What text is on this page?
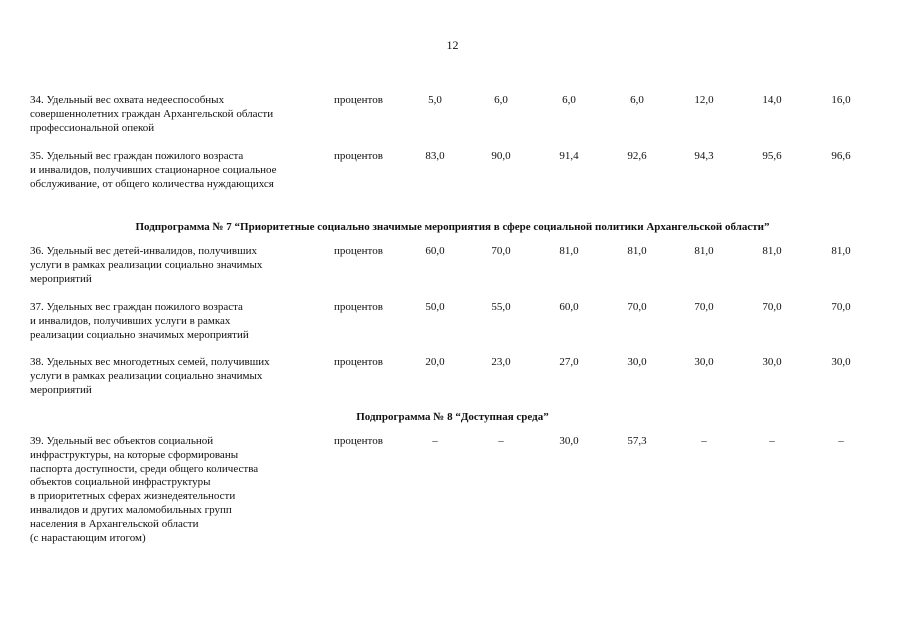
12
34. Удельный вес охвата недееспособных
совершеннолетних граждан Архангельской области
профессиональной опекой
процентов	5,0	6,0	6,0	6,0	12,0	14,0	16,0
35. Удельный вес граждан пожилого возраста
и инвалидов, получивших стационарное социальное
обслуживание, от общего количества нуждающихся
процентов	83,0	90,0	91,4	92,6	94,3	95,6	96,6
Подпрограмма № 7 “Приоритетные социально значимые мероприятия в сфере социальной политики Архангельской области”
36. Удельный вес детей-инвалидов, получивших
услуги в рамках реализации социально значимых
мероприятий
процентов	60,0	70,0	81,0	81,0	81,0	81,0	81,0
37. Удельных вес граждан пожилого возраста
и инвалидов, получивших услуги в рамках
реализации социально значимых мероприятий
процентов	50,0	55,0	60,0	70,0	70,0	70,0	70,0
38. Удельных вес многодетных семей, получивших
услуги в рамках реализации социально значимых
мероприятий
процентов	20,0	23,0	27,0	30,0	30,0	30,0	30,0
Подпрограмма № 8 “Доступная среда”
39. Удельный вес объектов социальной
инфраструктуры, на которые сформированы
паспорта доступности, среди общего количества
объектов социальной инфраструктуры
в приоритетных сферах жизнедеятельности
инвалидов и других маломобильных групп
населения в Архангельской области
(с нарастающим итогом)
процентов	–	–	30,0	57,3	–	–	–
